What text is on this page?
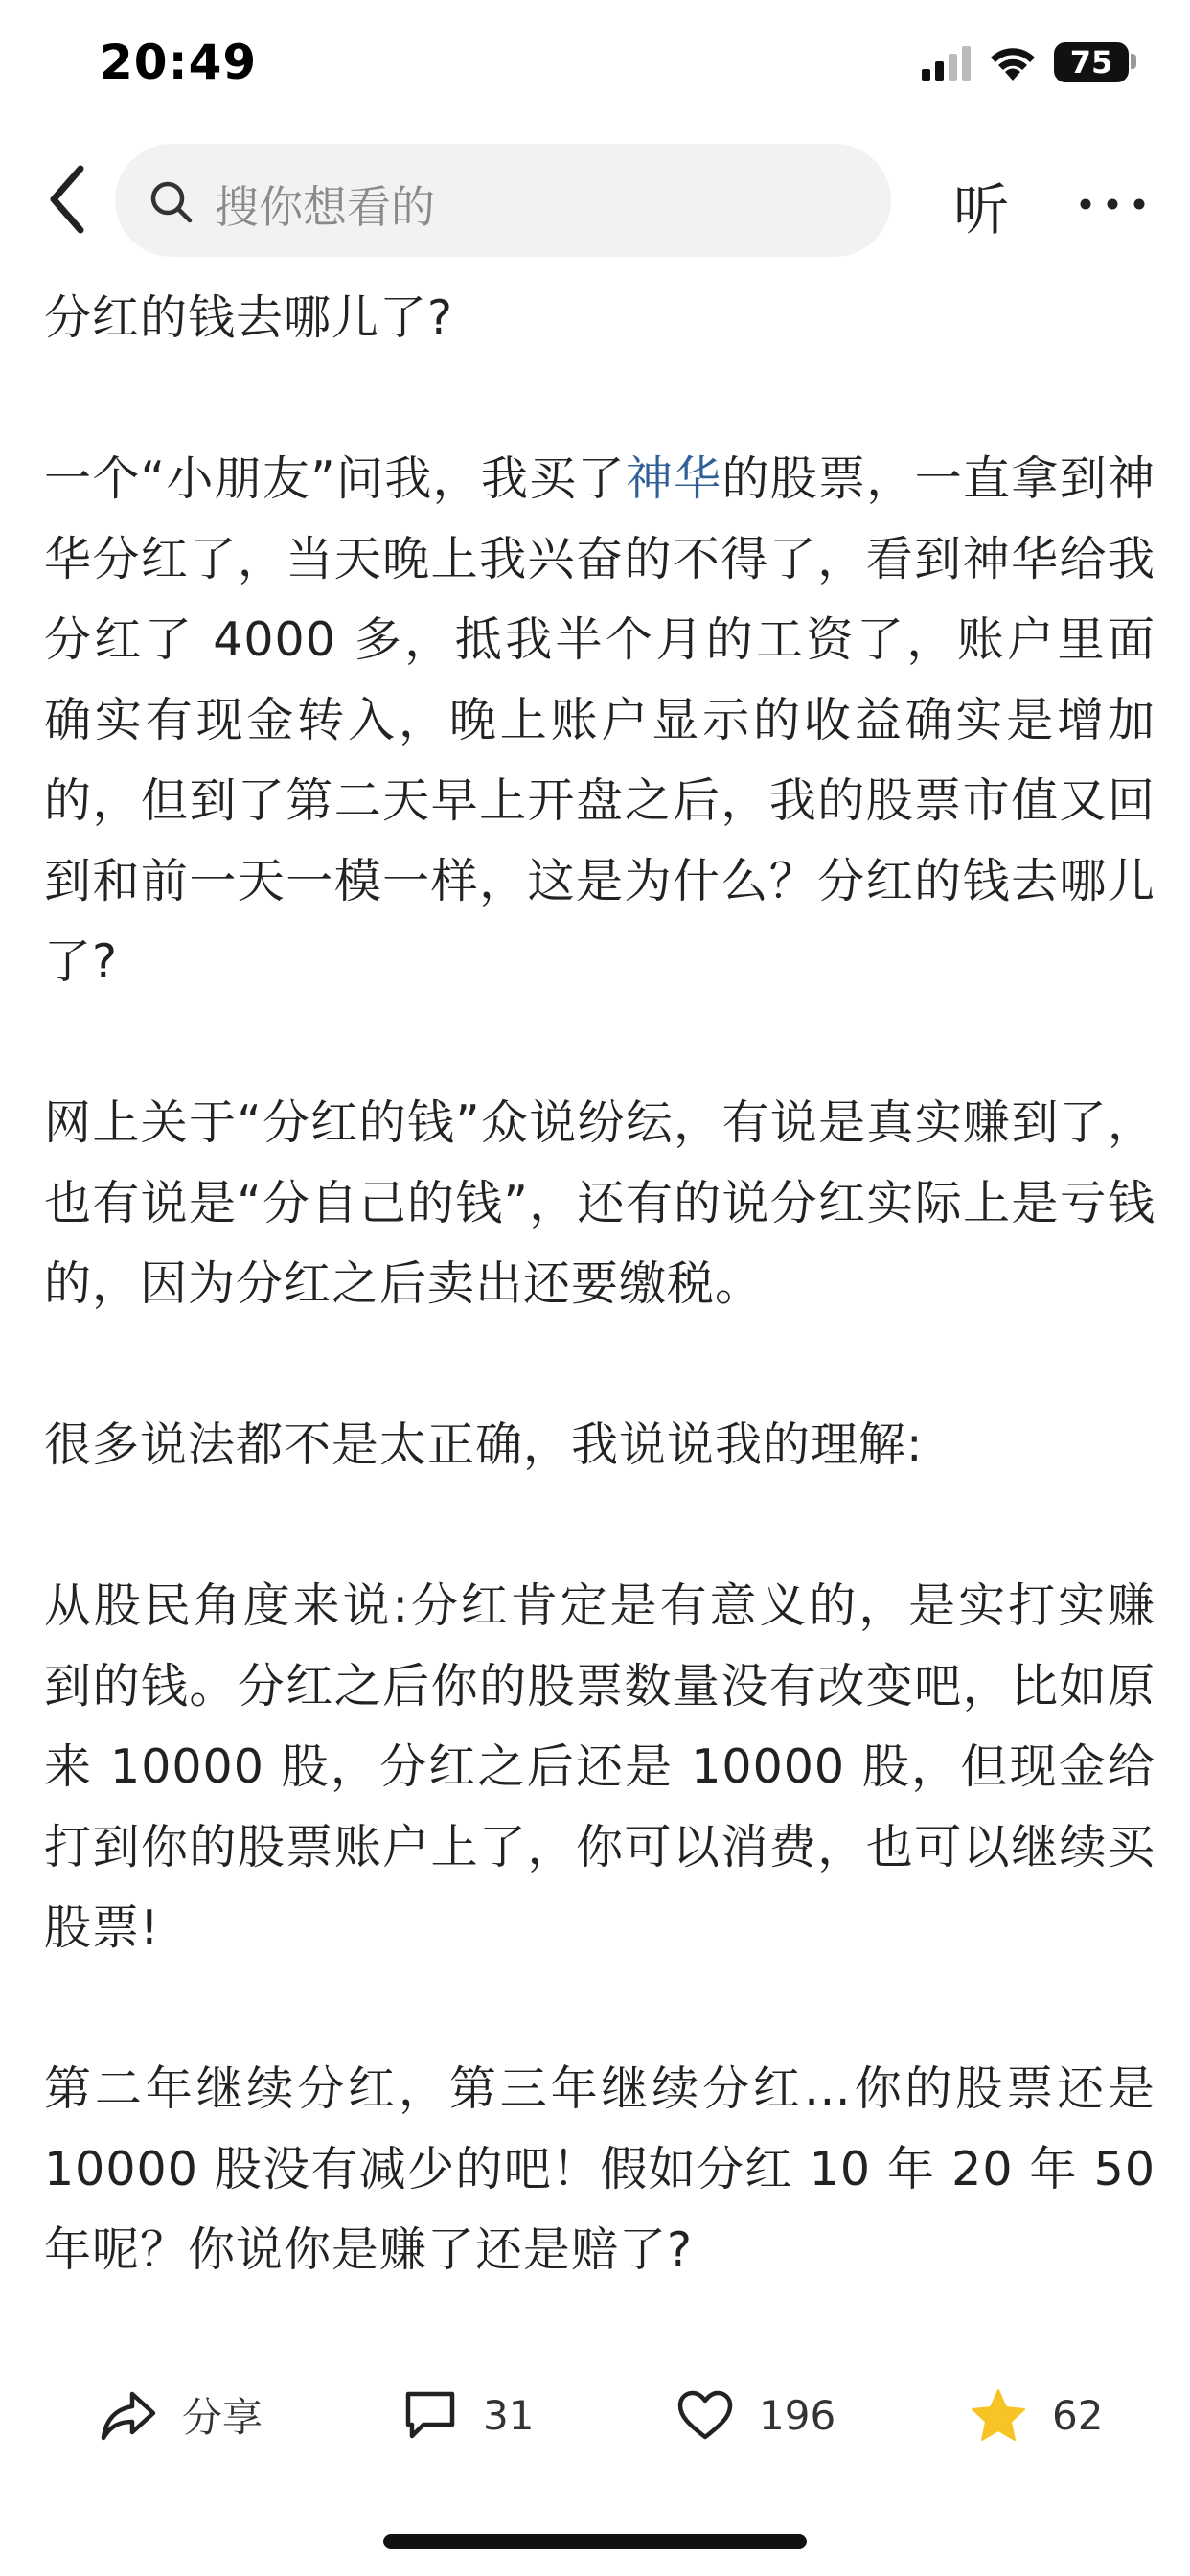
20:49	75
搜你想看的	听

分红的钱去哪儿了?

一个“小朋友”问我，我买了神华的股票，一直拿到神华分红了，当天晚上我兴奋的不得了，看到神华给我分红了 4000 多，抵我半个月的工资了，账户里面确实有现金转入，晚上账户显示的收益确实是增加的，但到了第二天早上开盘之后，我的股票市值又回到和前一天一模一样，这是为什么？分红的钱去哪儿了?

网上关于“分红的钱”众说纷纭，有说是真实赚到了，也有说是“分自己的钱”，还有的说分红实际上是亏钱的，因为分红之后卖出还要缴税。

很多说法都不是太正确，我说说我的理解:

从股民角度来说:分红肯定是有意义的，是实打实赚到的钱。分红之后你的股票数量没有改变吧，比如原来 10000 股，分红之后还是 10000 股，但现金给打到你的股票账户上了，你可以消费，也可以继续买股票!

第二年继续分红，第三年继续分红…你的股票还是 10000 股没有减少的吧！假如分红 10 年 20 年 50 年呢？你说你是赚了还是赔了?

分享	31	196	62
